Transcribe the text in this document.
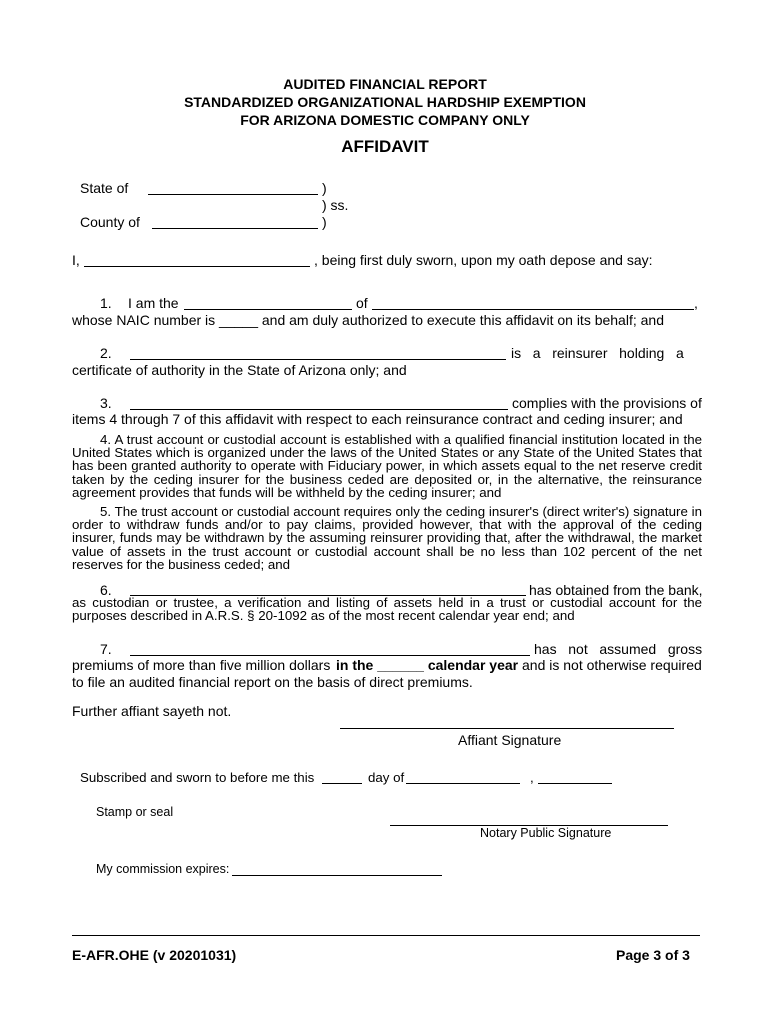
AUDITED FINANCIAL REPORT
STANDARDIZED ORGANIZATIONAL HARDSHIP EXEMPTION
FOR ARIZONA DOMESTIC COMPANY ONLY
AFFIDAVIT
State of	)
) ss.
County of	)
I,	, being first duly sworn, upon my oath depose and say:
1. I am the	of	,
whose NAIC number is _____ and am duly authorized to execute this affidavit on its behalf; and
2.	is   a   reinsurer   holding   a
certificate of authority in the State of Arizona only; and
3.	complies with the provisions of
items 4 through 7 of this affidavit with respect to each reinsurance contract and ceding insurer; and
4. A trust account or custodial account is established with a qualified financial institution located in the United States which is organized under the laws of the United States or any State of the United States that has been granted authority to operate with Fiduciary power, in which assets equal to the net reserve credit taken by the ceding insurer for the business ceded are deposited or, in the alternative, the reinsurance agreement provides that funds will be withheld by the ceding insurer; and
5. The trust account or custodial account requires only the ceding insurer's (direct writer's) signature in order to withdraw funds and/or to pay claims, provided however, that with the approval of the ceding insurer, funds may be withdrawn by the assuming reinsurer providing that, after the withdrawal, the market value of assets in the trust account or custodial account shall be no less than 102 percent of the net reserves for the business ceded; and
6.	has obtained from the bank,
as custodian or trustee, a verification and listing of assets held in a trust or custodial account for the purposes described in A.R.S. § 20-1092 as of the most recent calendar year end; and
7.	has   not   assumed   gross
premiums of more than five million dollars in the ______ calendar year and is not otherwise required
to file an audited financial report on the basis of direct premiums.
Further affiant sayeth not.
Affiant Signature
Subscribed and sworn to before me this	day of	,
Stamp or seal
Notary Public Signature
My commission expires:
E-AFR.OHE (v 20201031)	Page 3 of 3
